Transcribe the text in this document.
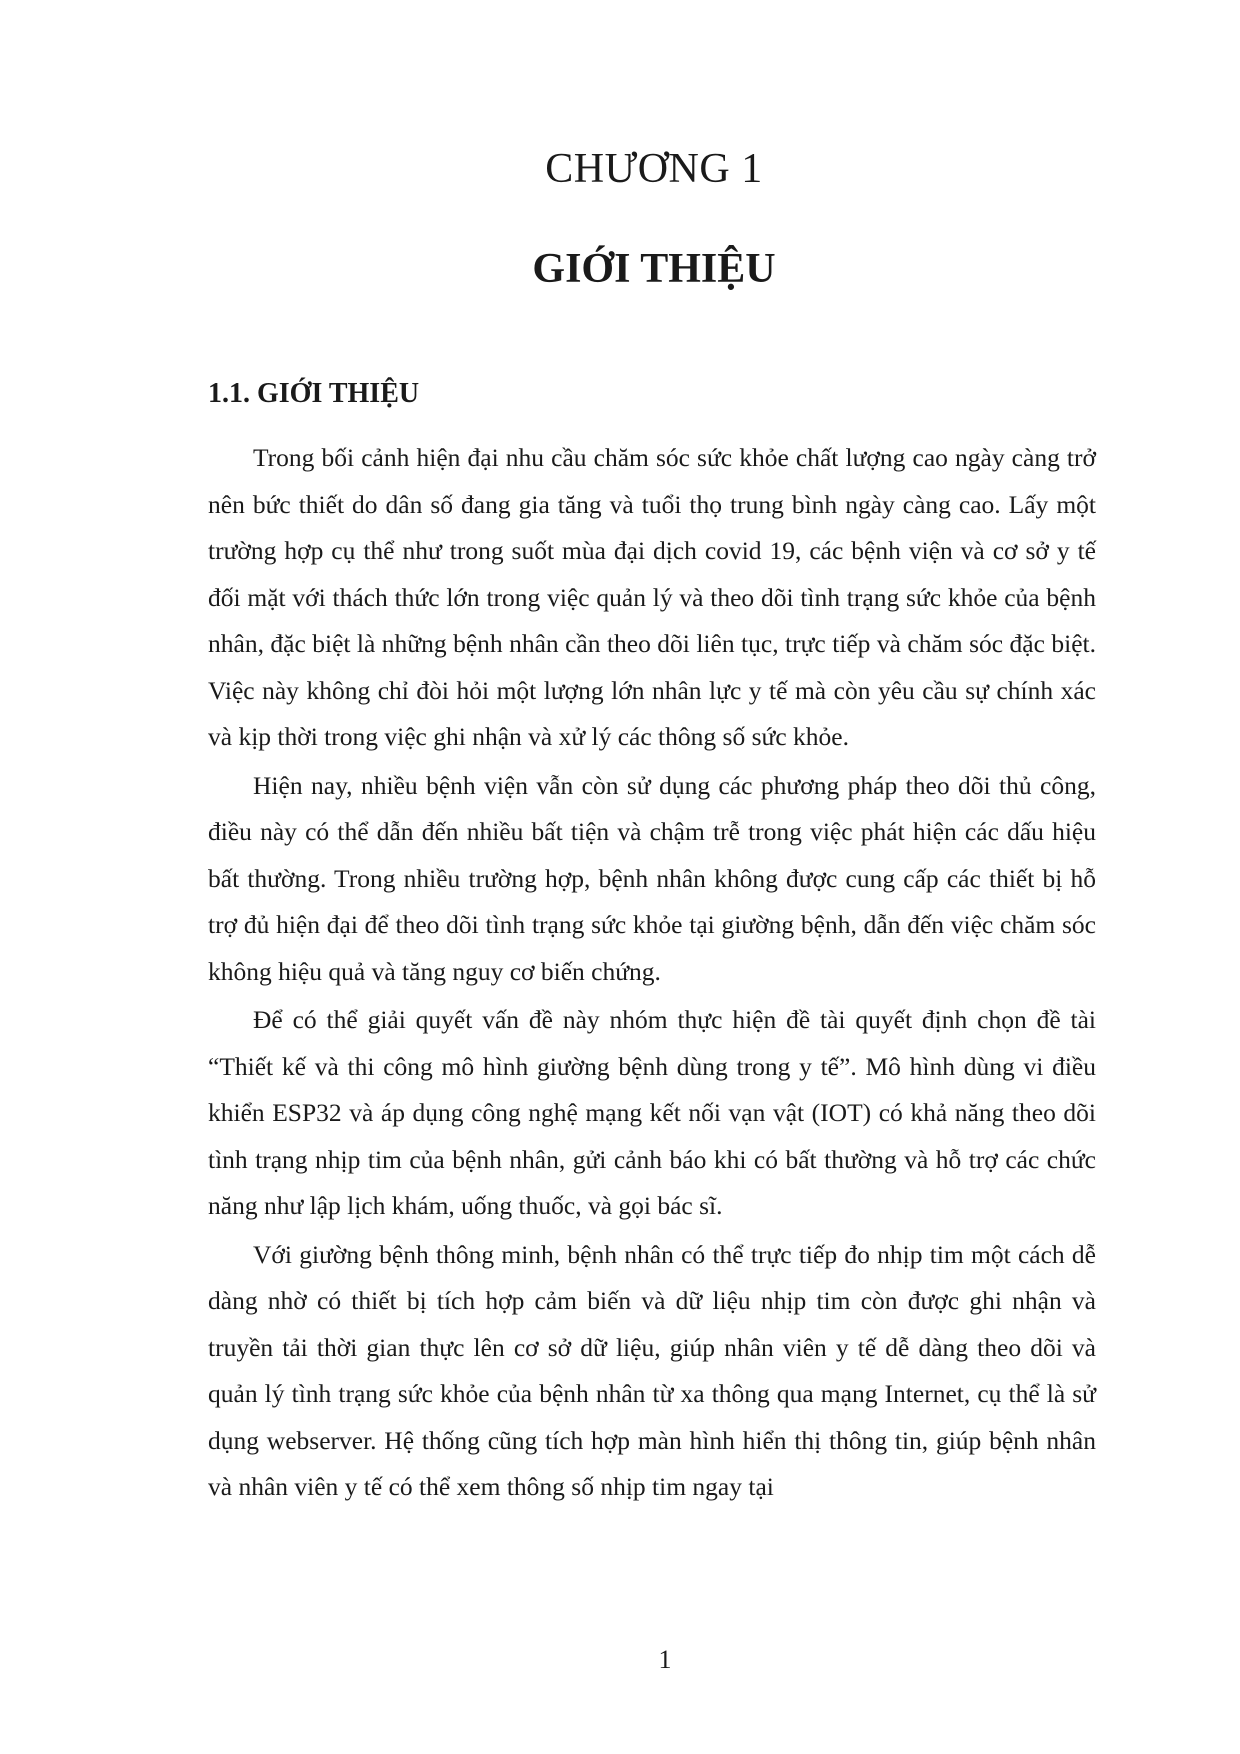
CHƯƠNG 1
GIỚI THIỆU
1.1. GIỚI THIỆU

Trong bối cảnh hiện đại nhu cầu chăm sóc sức khỏe chất lượng cao ngày càng trở nên bức thiết do dân số đang gia tăng và tuổi thọ trung bình ngày càng cao. Lấy một trường hợp cụ thể như trong suốt mùa đại dịch covid 19, các bệnh viện và cơ sở y tế đối mặt với thách thức lớn trong việc quản lý và theo dõi tình trạng sức khỏe của bệnh nhân, đặc biệt là những bệnh nhân cần theo dõi liên tục, trực tiếp và chăm sóc đặc biệt. Việc này không chỉ đòi hỏi một lượng lớn nhân lực y tế mà còn yêu cầu sự chính xác và kịp thời trong việc ghi nhận và xử lý các thông số sức khỏe.

Hiện nay, nhiều bệnh viện vẫn còn sử dụng các phương pháp theo dõi thủ công, điều này có thể dẫn đến nhiều bất tiện và chậm trễ trong việc phát hiện các dấu hiệu bất thường. Trong nhiều trường hợp, bệnh nhân không được cung cấp các thiết bị hỗ trợ đủ hiện đại để theo dõi tình trạng sức khỏe tại giường bệnh, dẫn đến việc chăm sóc không hiệu quả và tăng nguy cơ biến chứng.

Để có thể giải quyết vấn đề này nhóm thực hiện đề tài quyết định chọn đề tài “Thiết kế và thi công mô hình giường bệnh dùng trong y tế”. Mô hình dùng vi điều khiển ESP32 và áp dụng công nghệ mạng kết nối vạn vật (IOT) có khả năng theo dõi tình trạng nhịp tim của bệnh nhân, gửi cảnh báo khi có bất thường và hỗ trợ các chức năng như lập lịch khám, uống thuốc, và gọi bác sĩ.

Với giường bệnh thông minh, bệnh nhân có thể trực tiếp đo nhịp tim một cách dễ dàng nhờ có thiết bị tích hợp cảm biến và dữ liệu nhịp tim còn được ghi nhận và truyền tải thời gian thực lên cơ sở dữ liệu, giúp nhân viên y tế dễ dàng theo dõi và quản lý tình trạng sức khỏe của bệnh nhân từ xa thông qua mạng Internet, cụ thể là sử dụng webserver. Hệ thống cũng tích hợp màn hình hiển thị thông tin, giúp bệnh nhân và nhân viên y tế có thể xem thông số nhịp tim ngay tại

1
